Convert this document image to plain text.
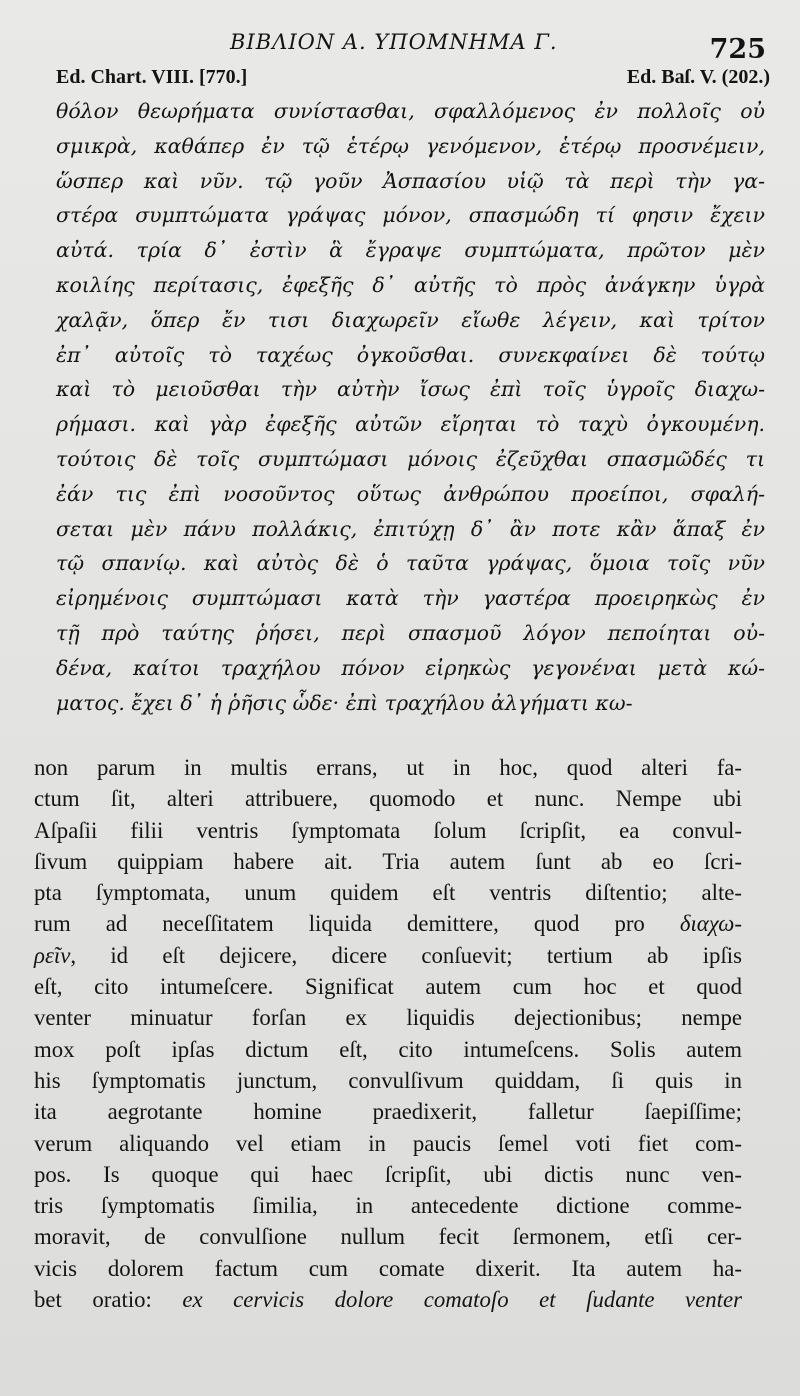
ΒΙΒΛΙΟΝ Α. ΥΠΟΜΝΗΜΑ Γ.	725
Ed. Chart. VIII. [770.]	Ed. Baſ. V. (202.)
θόλον θεωρήματα συνίστασθαι, σφαλλόμενος ἐν πολλοῖς οὐ
σμικρὰ, καθάπερ ἐν τῷ ἑτέρῳ γενόμενον, ἑτέρῳ προσνέμειν,
ὥσπερ καὶ νῦν. τῷ γοῦν Ἀσπασίου υἱῷ τὰ περὶ τὴν γα-
στέρα συμπτώματα γράψας μόνον, σπασμώδη τί φησιν ἔχειν
αὐτά. τρία δ᾽ ἐστὶν ἃ ἔγραψε συμπτώματα, πρῶτον μὲν
κοιλίης περίτασις, ἐφεξῆς δ᾽ αὐτῆς τὸ πρὸς ἀνάγκην ὑγρὰ
χαλᾷν, ὅπερ ἔν τισι διαχωρεῖν εἴωθε λέγειν, καὶ τρίτον
ἐπ᾽ αὐτοῖς τὸ ταχέως ὀγκοῦσθαι. συνεκφαίνει δὲ τούτῳ
καὶ τὸ μειοῦσθαι τὴν αὐτὴν ἴσως ἐπὶ τοῖς ὑγροῖς διαχω-
ρήμασι. καὶ γὰρ ἐφεξῆς αὐτῶν εἴρηται τὸ ταχὺ ὀγκουμένη.
τούτοις δὲ τοῖς συμπτώμασι μόνοις ἐζεῦχθαι σπασμῶδές τι
ἐάν τις ἐπὶ νοσοῦντος οὕτως ἀνθρώπου προείποι, σφαλή-
σεται μὲν πάνυ πολλάκις, ἐπιτύχῃ δ᾽ ἂν ποτε κἂν ἅπαξ ἐν
τῷ σπανίῳ. καὶ αὐτὸς δὲ ὁ ταῦτα γράψας, ὅμοια τοῖς νῦν
εἰρημένοις συμπτώμασι κατὰ τὴν γαστέρα προειρηκὼς ἐν
τῇ πρὸ ταύτης ῥήσει, περὶ σπασμοῦ λόγον πεποίηται οὐ-
δένα, καίτοι τραχήλου πόνον εἰρηκὼς γεγονέναι μετὰ κώ-
ματος. ἔχει δ᾽ ἡ ῥῆσις ὧδε· ἐπὶ τραχήλου ἀλγήματι κω-
non parum in multis errans, ut in hoc, quod alteri fa-
ctum ſit, alteri attribuere, quomodo et nunc. Nempe ubi
Aſpaſii filii ventris ſymptomata ſolum ſcripſit, ea convul-
ſivum quippiam habere ait. Tria autem ſunt ab eo ſcri-
pta ſymptomata, unum quidem eſt ventris diſtentio; alte-
rum ad neceſſitatem liquida demittere, quod pro διαχω-
ρεῖν, id eſt dejicere, dicere conſuevit; tertium ab ipſis
eſt, cito intumeſcere. Significat autem cum hoc et quod
venter minuatur forſan ex liquidis dejectionibus; nempe
mox poſt ipſas dictum eſt, cito intumeſcens. Solis autem
his ſymptomatis junctum, convulſivum quiddam, ſi quis in
ita aegrotante homine praedixerit, falletur ſaepiſſime;
verum aliquando vel etiam in paucis ſemel voti fiet com-
pos. Is quoque qui haec ſcripſit, ubi dictis nunc ven-
tris ſymptomatis ſimilia, in antecedente dictione comme-
moravit, de convulſione nullum fecit ſermonem, etſi cer-
vicis dolorem factum cum comate dixerit. Ita autem ha-
bet oratio: ex cervicis dolore comatoſo et ſudante venter
